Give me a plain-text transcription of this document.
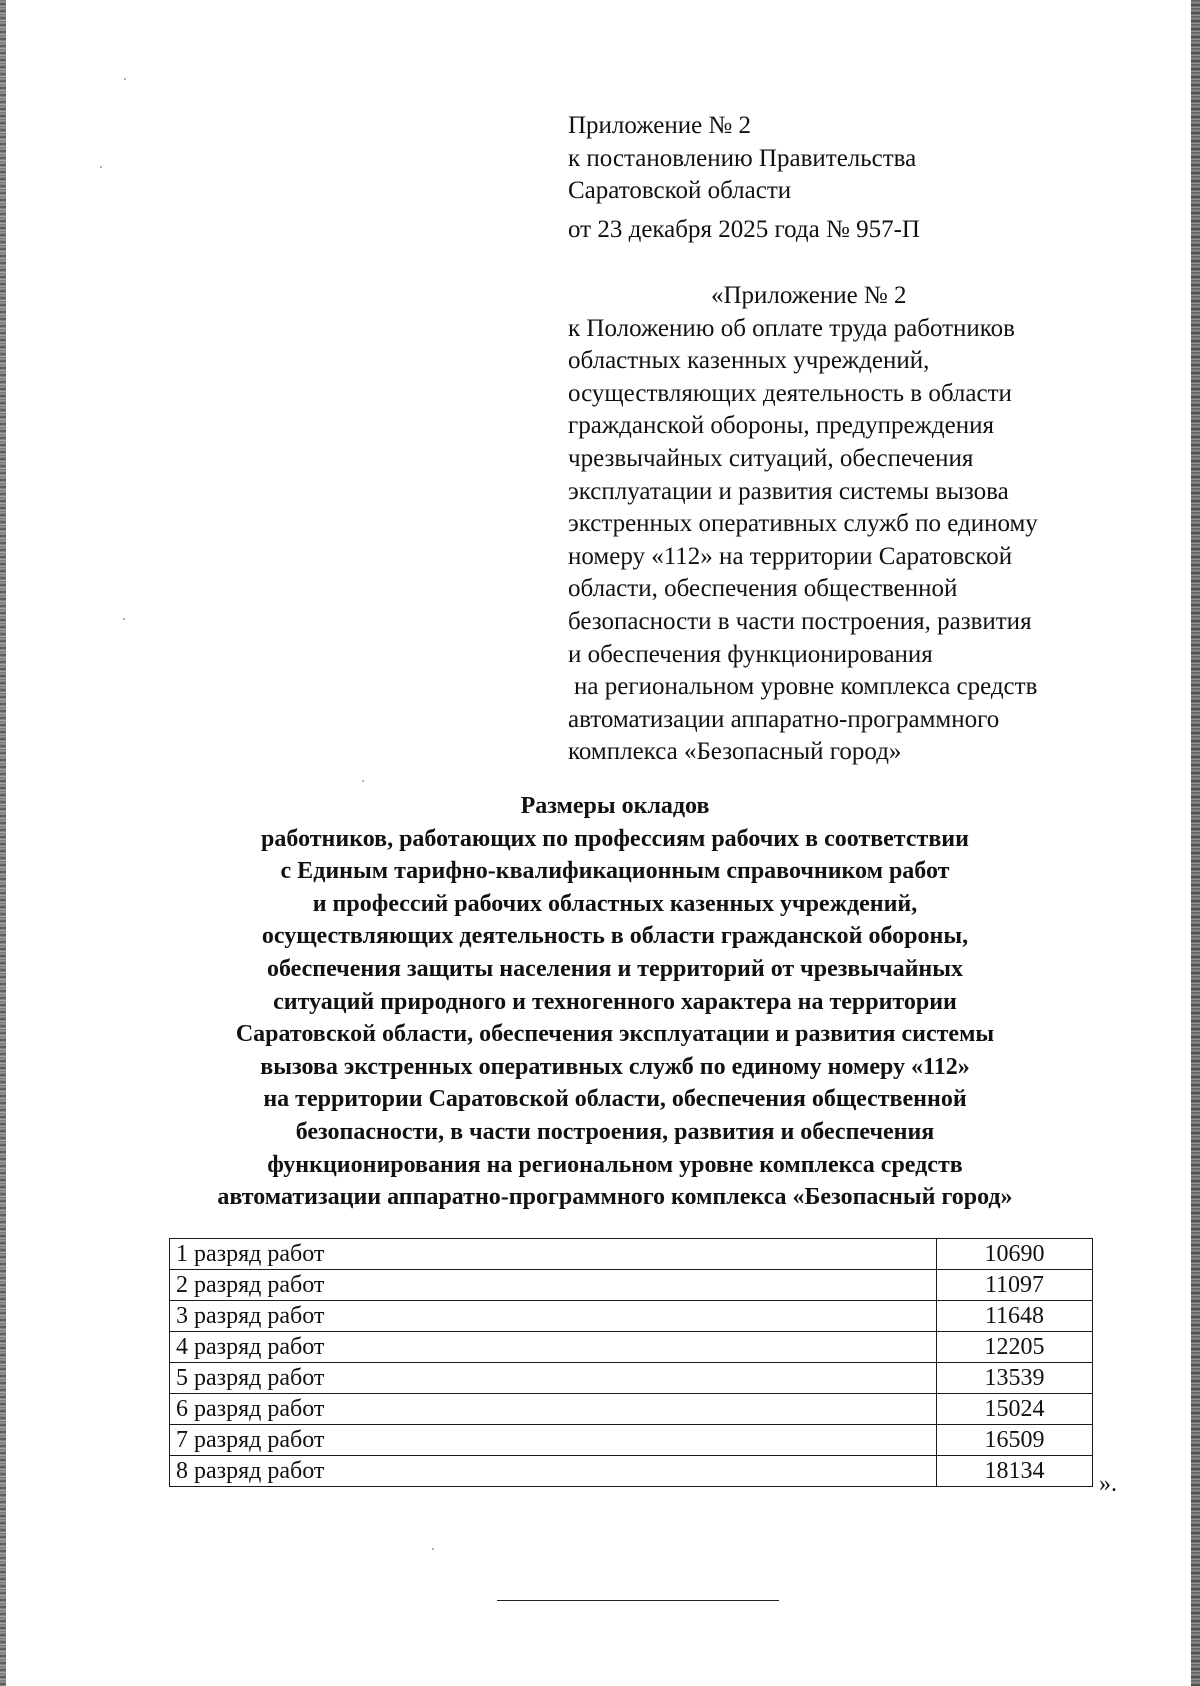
Приложение № 2

к постановлению Правительства

Саратовской области

от 23 декабря 2025 года № 957-П

«Приложение № 2

к Положению об оплате труда работников

областных казенных учреждений,

осуществляющих деятельность в области

гражданской обороны, предупреждения

чрезвычайных ситуаций, обеспечения

эксплуатации и развития системы вызова

экстренных оперативных служб по единому

номеру «112» на территории Саратовской

области, обеспечения общественной

безопасности в части построения, развития

и обеспечения функционирования

на региональном уровне комплекса средств

автоматизации аппаратно-программного

комплекса «Безопасный город»

Размеры окладов
работников, работающих по профессиям рабочих в соответствии
с Единым тарифно-квалификационным справочником работ
и профессий рабочих областных казенных учреждений,
осуществляющих деятельность в области гражданской обороны,
обеспечения защиты населения и территорий от чрезвычайных
ситуаций природного и техногенного характера на территории
Саратовской области, обеспечения эксплуатации и развития системы
вызова экстренных оперативных служб по единому номеру «112»
на территории Саратовской области, обеспечения общественной
безопасности, в части построения, развития и обеспечения
функционирования на региональном уровне комплекса средств
автоматизации аппаратно-программного комплекса «Безопасный город»
1 разряд работ	10690
2 разряд работ	11097
3 разряд работ	11648
4 разряд работ	12205
5 разряд работ	13539
6 разряд работ	15024
7 разряд работ	16509
8 разряд работ	18134
».
